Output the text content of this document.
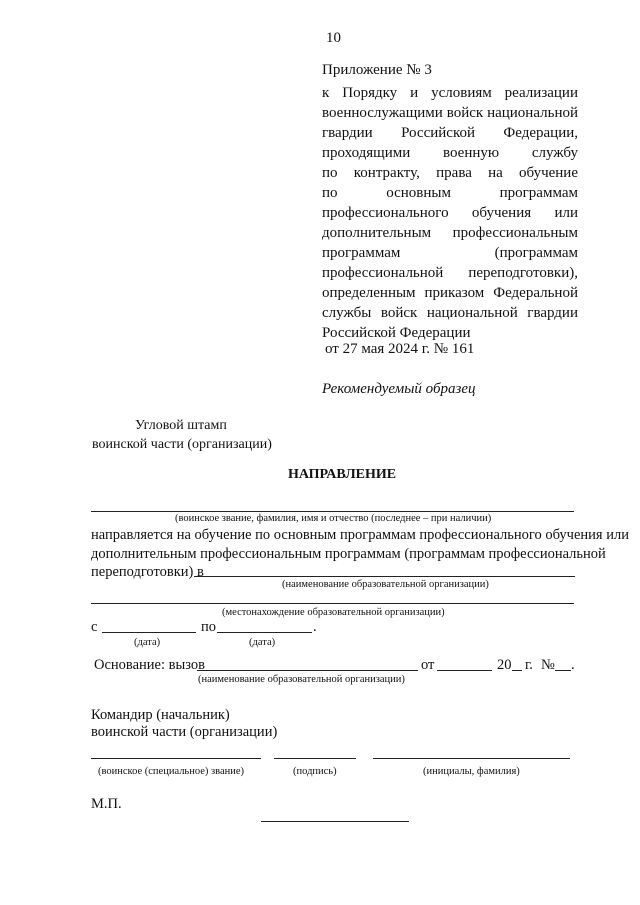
10
Приложение № 3
к Порядку и условиям реализации
военнослужащими войск национальной
гвардии Российской Федерации,
проходящими военную службу
по контракту, права на обучение
по основным программам
профессионального обучения или
дополнительным профессиональным
программам (программам
профессиональной переподготовки),
определенным приказом Федеральной
службы войск национальной гвардии
Российской Федерации
от 27 мая 2024 г. № 161
Рекомендуемый образец
Угловой штамп
воинской части (организации)
НАПРАВЛЕНИЕ
(воинское звание, фамилия, имя и отчество (последнее – при наличии)
направляется на обучение по основным программам профессионального обучения или
дополнительным профессиональным программам (программам профессиональной
переподготовки) в
(наименование образовательной организации)
(местонахождение образовательной организации)
с	по	.
(дата)	(дата)
Основание: вызов	от	20 г. № .
(наименование образовательной организации)
Командир (начальник)
воинской части (организации)
(воинское (специальное) звание)	(подпись)	(инициалы, фамилия)
М.П.
